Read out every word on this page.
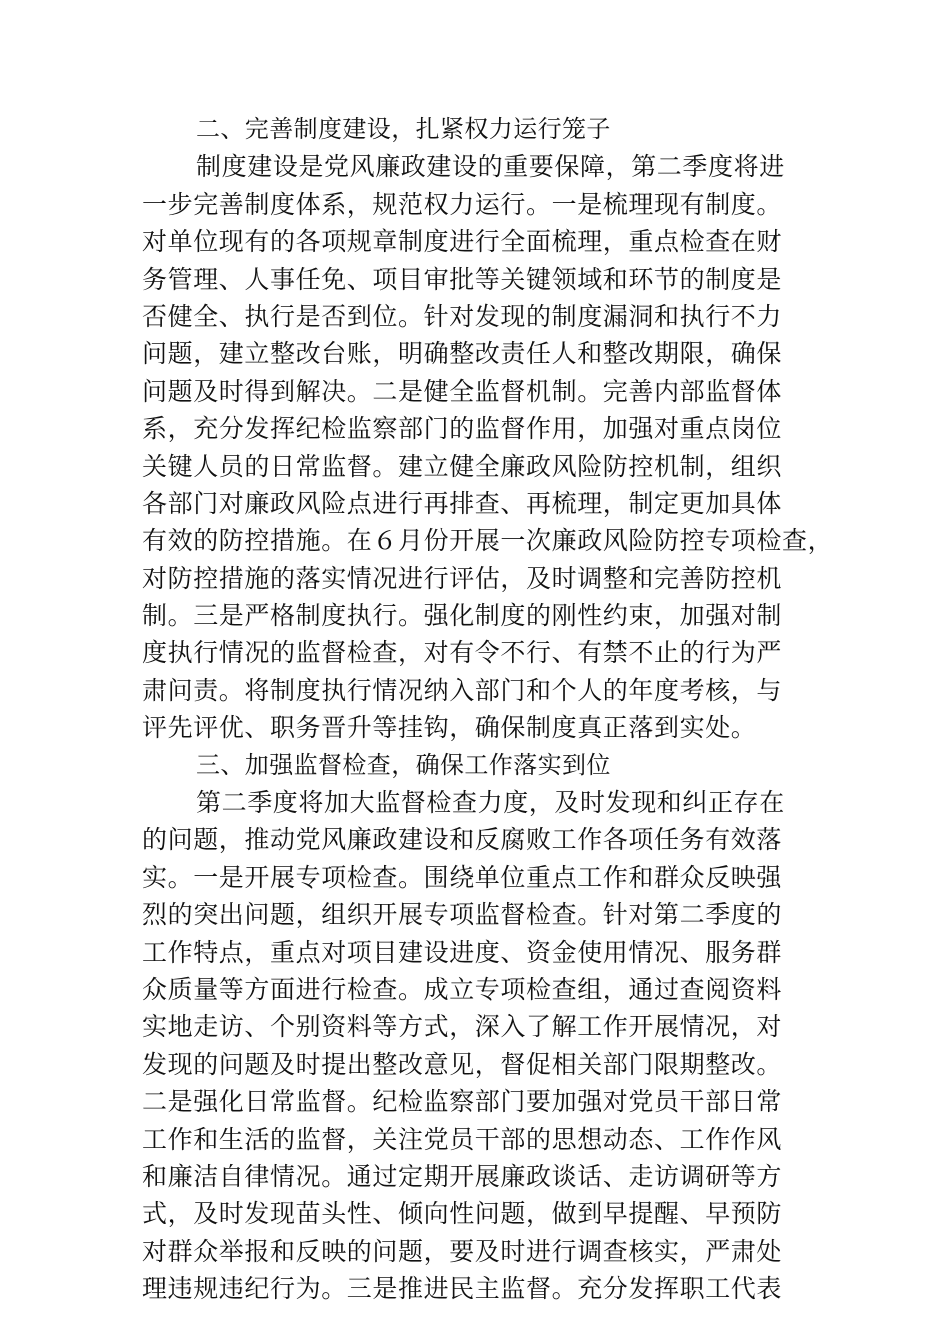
二、完善制度建设，扎紧权力运行笼子
制度建设是党风廉政建设的重要保障，第二季度将进
一步完善制度体系，规范权力运行。一是梳理现有制度。
对单位现有的各项规章制度进行全面梳理，重点检查在财
务管理、人事任免、项目审批等关键领域和环节的制度是
否健全、执行是否到位。针对发现的制度漏洞和执行不力
问题，建立整改台账，明确整改责任人和整改期限，确保
问题及时得到解决。二是健全监督机制。完善内部监督体
系，充分发挥纪检监察部门的监督作用，加强对重点岗位
关键人员的日常监督。建立健全廉政风险防控机制，组织
各部门对廉政风险点进行再排查、再梳理，制定更加具体
有效的防控措施。在６月份开展一次廉政风险防控专项检查，
对防控措施的落实情况进行评估，及时调整和完善防控机
制。三是严格制度执行。强化制度的刚性约束，加强对制
度执行情况的监督检查，对有令不行、有禁不止的行为严
肃问责。将制度执行情况纳入部门和个人的年度考核，与
评先评优、职务晋升等挂钩，确保制度真正落到实处。
三、加强监督检查，确保工作落实到位
第二季度将加大监督检查力度，及时发现和纠正存在
的问题，推动党风廉政建设和反腐败工作各项任务有效落
实。一是开展专项检查。围绕单位重点工作和群众反映强
烈的突出问题，组织开展专项监督检查。针对第二季度的
工作特点，重点对项目建设进度、资金使用情况、服务群
众质量等方面进行检查。成立专项检查组，通过查阅资料
实地走访、个别资料等方式，深入了解工作开展情况，对
发现的问题及时提出整改意见，督促相关部门限期整改。
二是强化日常监督。纪检监察部门要加强对党员干部日常
工作和生活的监督，关注党员干部的思想动态、工作作风
和廉洁自律情况。通过定期开展廉政谈话、走访调研等方
式，及时发现苗头性、倾向性问题，做到早提醒、早预防
对群众举报和反映的问题，要及时进行调查核实，严肃处
理违规违纪行为。三是推进民主监督。充分发挥职工代表
